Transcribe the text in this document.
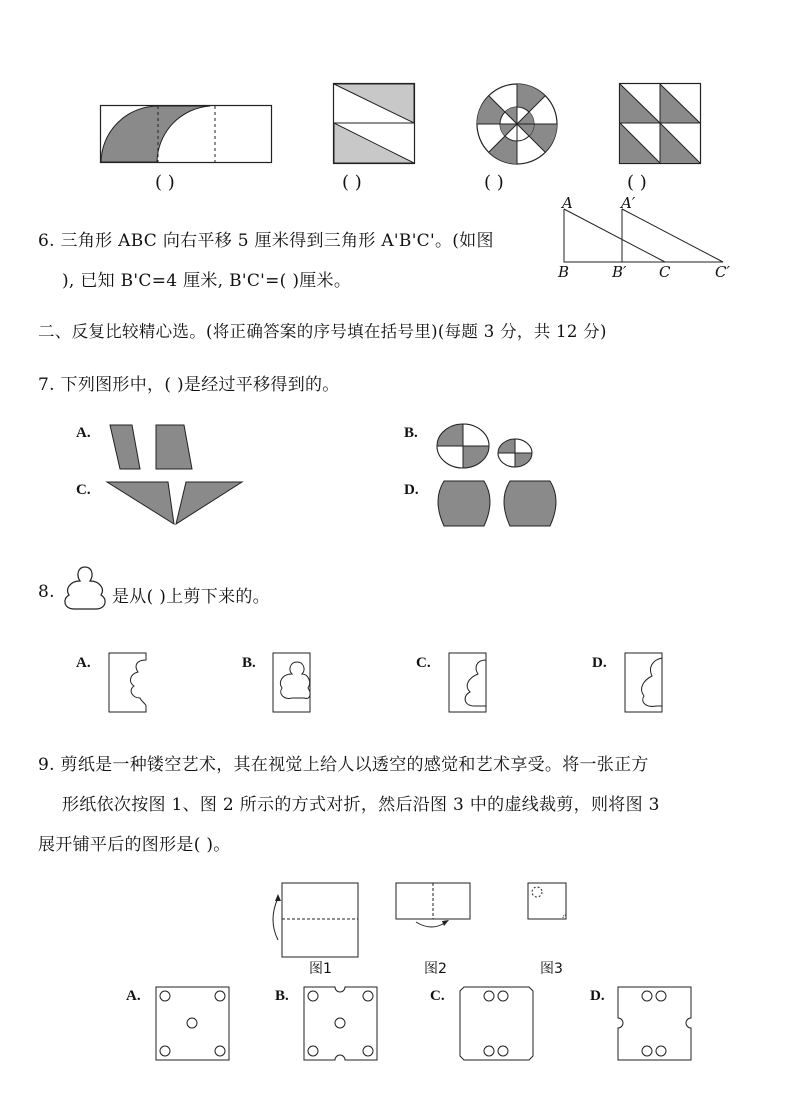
( )	( )	( )	( )
6. 三角形 ABC 向右平移 5 厘米得到三角形 A'B'C'。(如图
), 已知 B'C=4 厘米, B'C'=( )厘米。
A	A′
B	B′ C	C′
二、反复比较精心选。(将正确答案的序号填在括号里)(每题 3 分，共 12 分)
7. 下列图形中，( )是经过平移得到的。
A.
C.
B.
D.
8.	是从( )上剪下来的。
A.	B.	C.	D.
9. 剪纸是一种镂空艺术，其在视觉上给人以透空的感觉和艺术享受。将一张正方
形纸依次按图 1、图 2 所示的方式对折，然后沿图 3 中的虚线裁剪，则将图 3
展开铺平后的图形是( )。
图1	图2	图3
A.	B.	C.	D.
